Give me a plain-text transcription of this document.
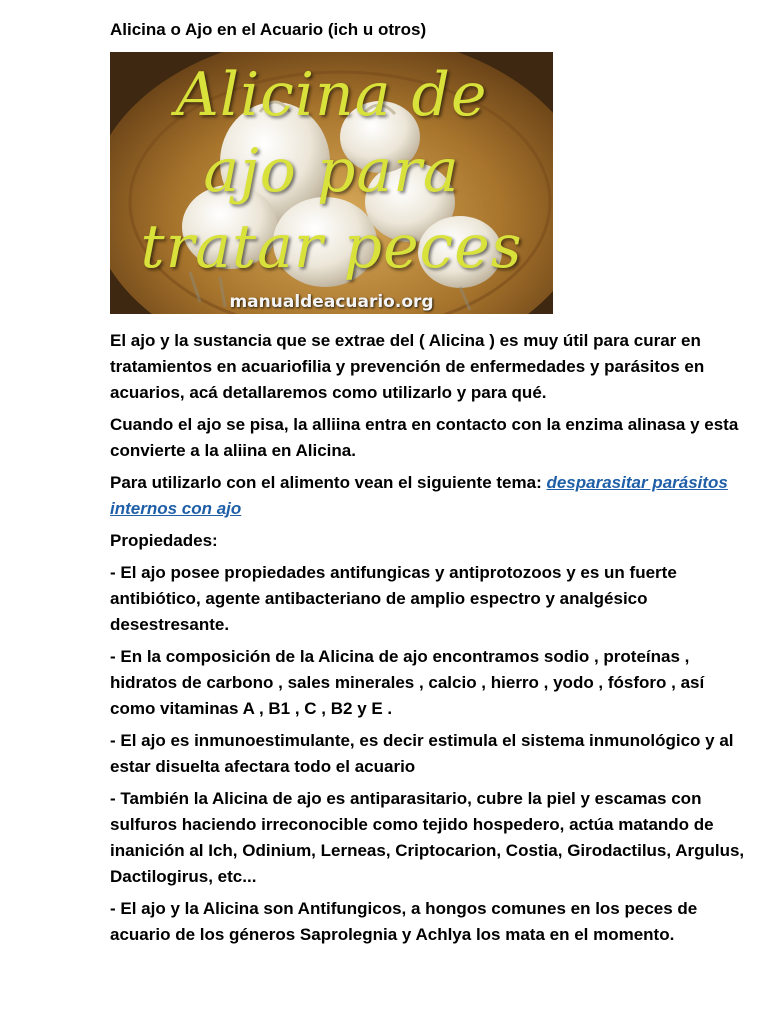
Alicina o Ajo en el Acuario (ich u otros)
Alicina de
ajo para
tratar peces
manualdeacuario.org

El ajo y la sustancia que se extrae del ( Alicina ) es muy útil para curar en tratamientos en acuariofilia y prevención de enfermedades y parásitos en acuarios, acá detallaremos como utilizarlo y para qué.

Cuando el ajo se pisa, la alliina entra en contacto con la enzima alinasa y esta convierte a la aliina en Alicina.

Para utilizarlo con el alimento vean el siguiente tema: desparasitar parásitos internos con ajo

Propiedades:

- El ajo posee propiedades antifungicas y antiprotozoos y es un fuerte antibiótico, agente antibacteriano de amplio espectro y analgésico desestresante.

- En la composición de la Alicina de ajo encontramos sodio , proteínas , hidratos de carbono , sales minerales , calcio , hierro , yodo , fósforo , así como vitaminas A , B1 , C , B2 y E .

- El ajo es inmunoestimulante, es decir estimula el sistema inmunológico y al estar disuelta afectara todo el acuario

- También la Alicina de ajo es antiparasitario, cubre la piel y escamas con sulfuros haciendo irreconocible como tejido hospedero, actúa matando de inanición al Ich, Odinium, Lerneas, Criptocarion, Costia, Girodactilus, Argulus, Dactilogirus, etc...

- El ajo y la Alicina son Antifungicos, a hongos comunes en los peces de acuario de los géneros Saprolegnia y Achlya los mata en el momento.
